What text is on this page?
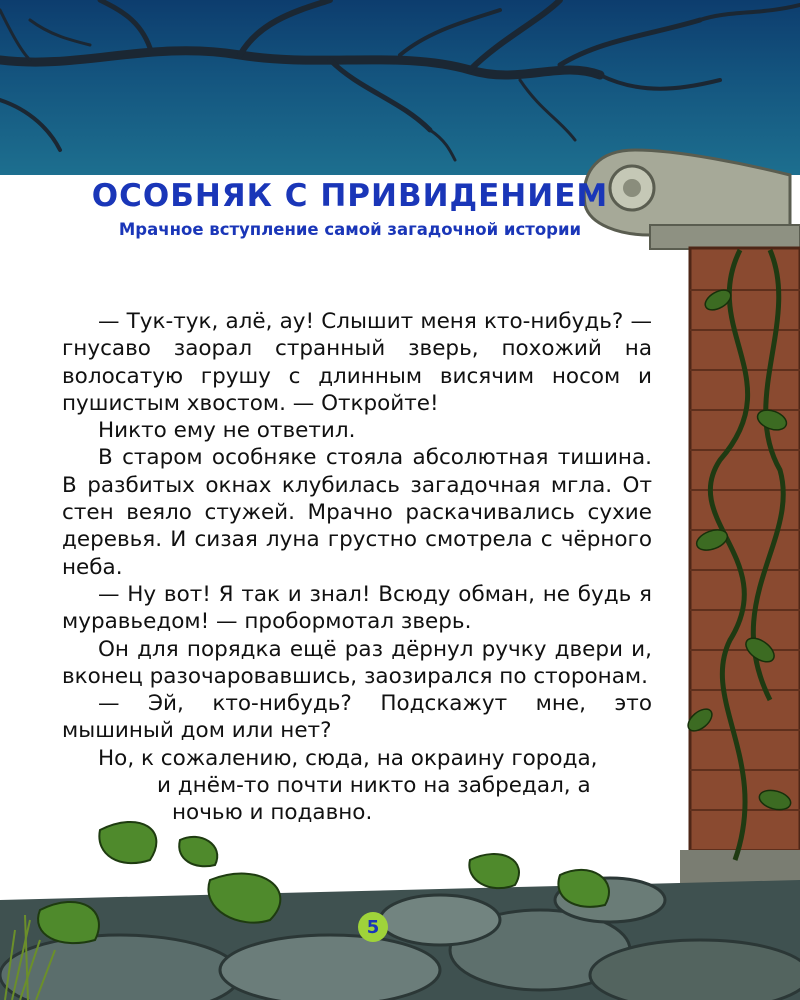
ОСОБНЯК С ПРИВИДЕНИЕМ
Мрачное вступление самой загадочной истории

— Тук-тук, алё, ау! Слышит меня кто-нибудь? — гнусаво заорал странный зверь, похожий на волосатую грушу с длинным висячим носом и пушистым хвостом. — Откройте!

Никто ему не ответил.

В старом особняке стояла абсолютная тишина. В разбитых окнах клубилась загадочная мгла. От стен веяло стужей. Мрачно раскачивались сухие деревья. И сизая луна грустно смотрела с чёрного неба.

— Ну вот! Я так и знал! Всюду обман, не будь я муравьедом! — пробормотал зверь.

Он для порядка ещё раз дёрнул ручку двери и, вконец разочаровавшись, заозирался по сторонам.

— Эй, кто-нибудь? Подскажут мне, это мышиный дом или нет?

Но, к сожалению, сюда, на окраину города,

и днём-то почти никто на забредал, а

ночью и подавно.

5
